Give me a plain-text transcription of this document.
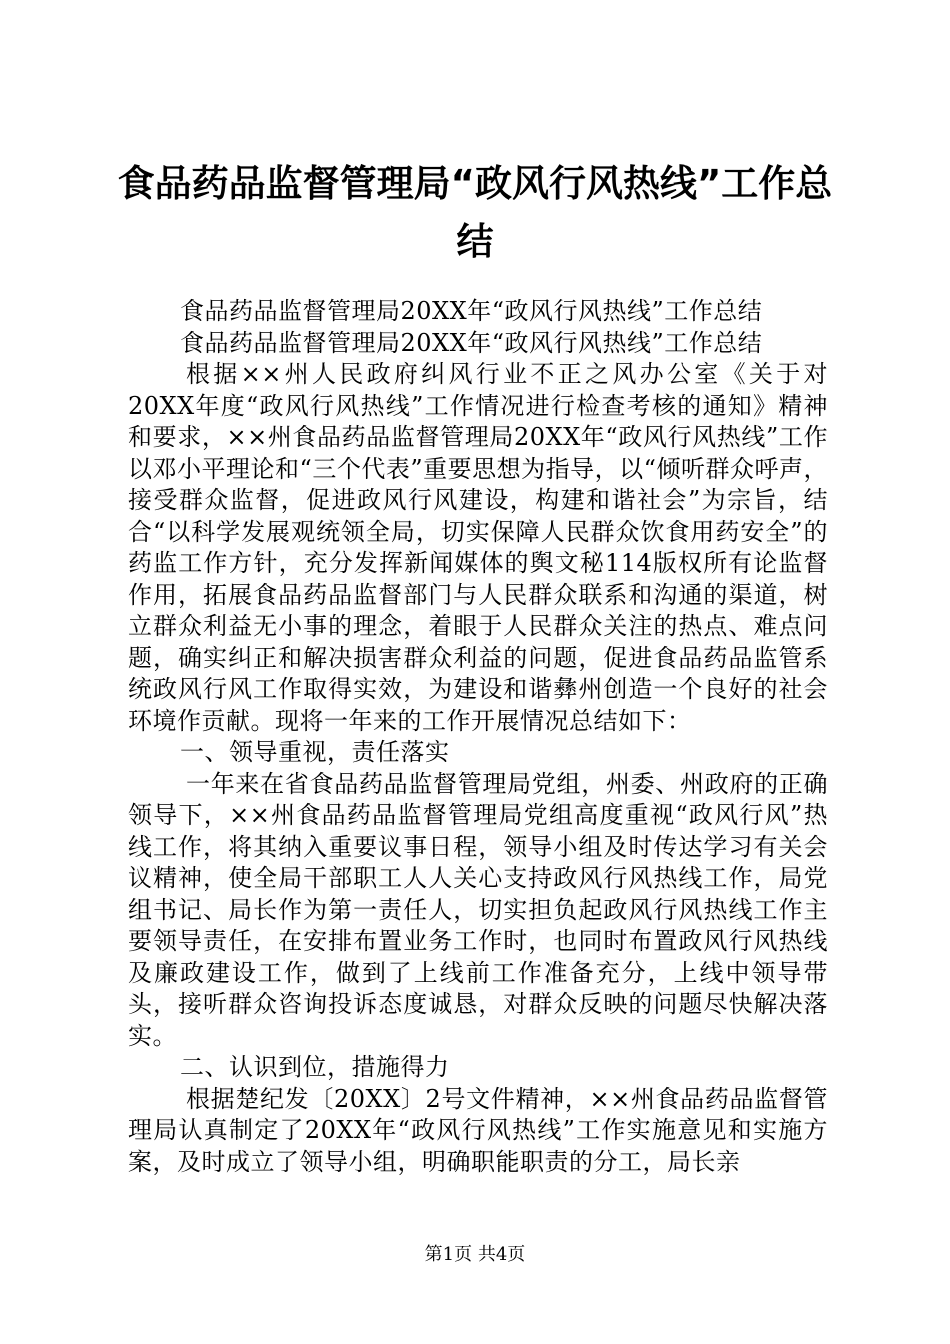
食品药品监督管理局“政风行风热线”工作总
结

食品药品监督管理局20XX年“政风行风热线”工作总结

食品药品监督管理局20XX年“政风行风热线”工作总结

根据××州人民政府纠风行业不正之风办公室《关于对20XX年度“政风行风热线”工作情况进行检查考核的通知》精神和要求，××州食品药品监督管理局20XX年“政风行风热线”工作以邓小平理论和“三个代表”重要思想为指导，以“倾听群众呼声，接受群众监督，促进政风行风建设，构建和谐社会”为宗旨，结合“以科学发展观统领全局，切实保障人民群众饮食用药安全”的药监工作方针，充分发挥新闻媒体的舆文秘114版权所有论监督作用，拓展食品药品监督部门与人民群众联系和沟通的渠道，树立群众利益无小事的理念，着眼于人民群众关注的热点、难点问题，确实纠正和解决损害群众利益的问题，促进食品药品监管系统政风行风工作取得实效，为建设和谐彝州创造一个良好的社会环境作贡献。现将一年来的工作开展情况总结如下：

一、领导重视，责任落实

一年来在省食品药品监督管理局党组，州委、州政府的正确领导下，××州食品药品监督管理局党组高度重视“政风行风”热线工作，将其纳入重要议事日程，领导小组及时传达学习有关会议精神，使全局干部职工人人关心支持政风行风热线工作，局党组书记、局长作为第一责任人，切实担负起政风行风热线工作主要领导责任，在安排布置业务工作时，也同时布置政风行风热线及廉政建设工作，做到了上线前工作准备充分，上线中领导带头，接听群众咨询投诉态度诚恳，对群众反映的问题尽快解决落实。

二、认识到位，措施得力

根据楚纪发〔20XX〕2号文件精神，××州食品药品监督管理局认真制定了20XX年“政风行风热线”工作实施意见和实施方案，及时成立了领导小组，明确职能职责的分工，局长亲

第1页 共4页
